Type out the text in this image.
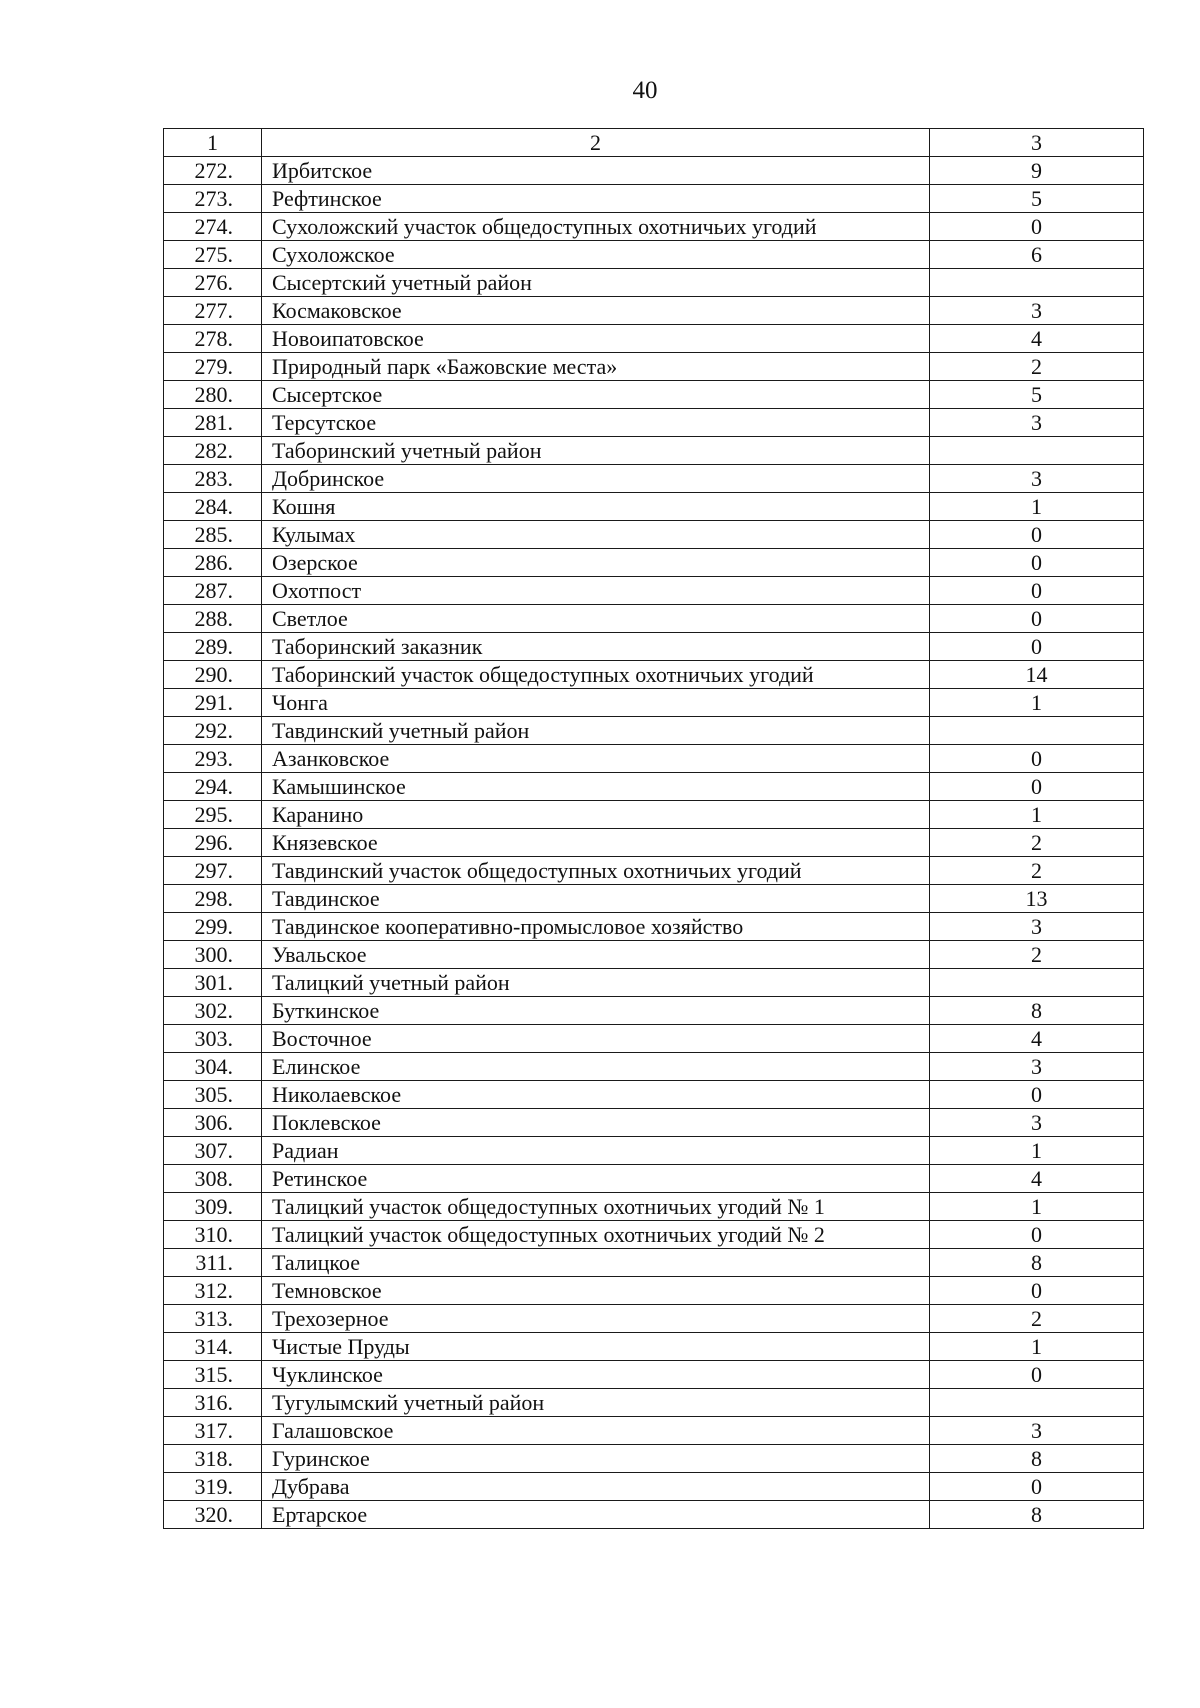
40
1	2	3
272.	Ирбитское	9
273.	Рефтинское	5
274.	Сухоложский участок общедоступных охотничьих угодий	0
275.	Сухоложское	6
276.	Сысертский учетный район	
277.	Космаковское	3
278.	Новоипатовское	4
279.	Природный парк «Бажовские места»	2
280.	Сысертское	5
281.	Терсутское	3
282.	Таборинский учетный район	
283.	Добринское	3
284.	Кошня	1
285.	Кулымах	0
286.	Озерское	0
287.	Охотпост	0
288.	Светлое	0
289.	Таборинский заказник	0
290.	Таборинский участок общедоступных охотничьих угодий	14
291.	Чонга	1
292.	Тавдинский учетный район	
293.	Азанковское	0
294.	Камышинское	0
295.	Каранино	1
296.	Князевское	2
297.	Тавдинский участок общедоступных охотничьих угодий	2
298.	Тавдинское	13
299.	Тавдинское кооперативно-промысловое хозяйство	3
300.	Увальское	2
301.	Талицкий учетный район	
302.	Буткинское	8
303.	Восточное	4
304.	Елинское	3
305.	Николаевское	0
306.	Поклевское	3
307.	Радиан	1
308.	Ретинское	4
309.	Талицкий участок общедоступных охотничьих угодий № 1	1
310.	Талицкий участок общедоступных охотничьих угодий № 2	0
311.	Талицкое	8
312.	Темновское	0
313.	Трехозерное	2
314.	Чистые Пруды	1
315.	Чуклинское	0
316.	Тугулымский учетный район	
317.	Галашовское	3
318.	Гуринское	8
319.	Дубрава	0
320.	Ертарское	8
